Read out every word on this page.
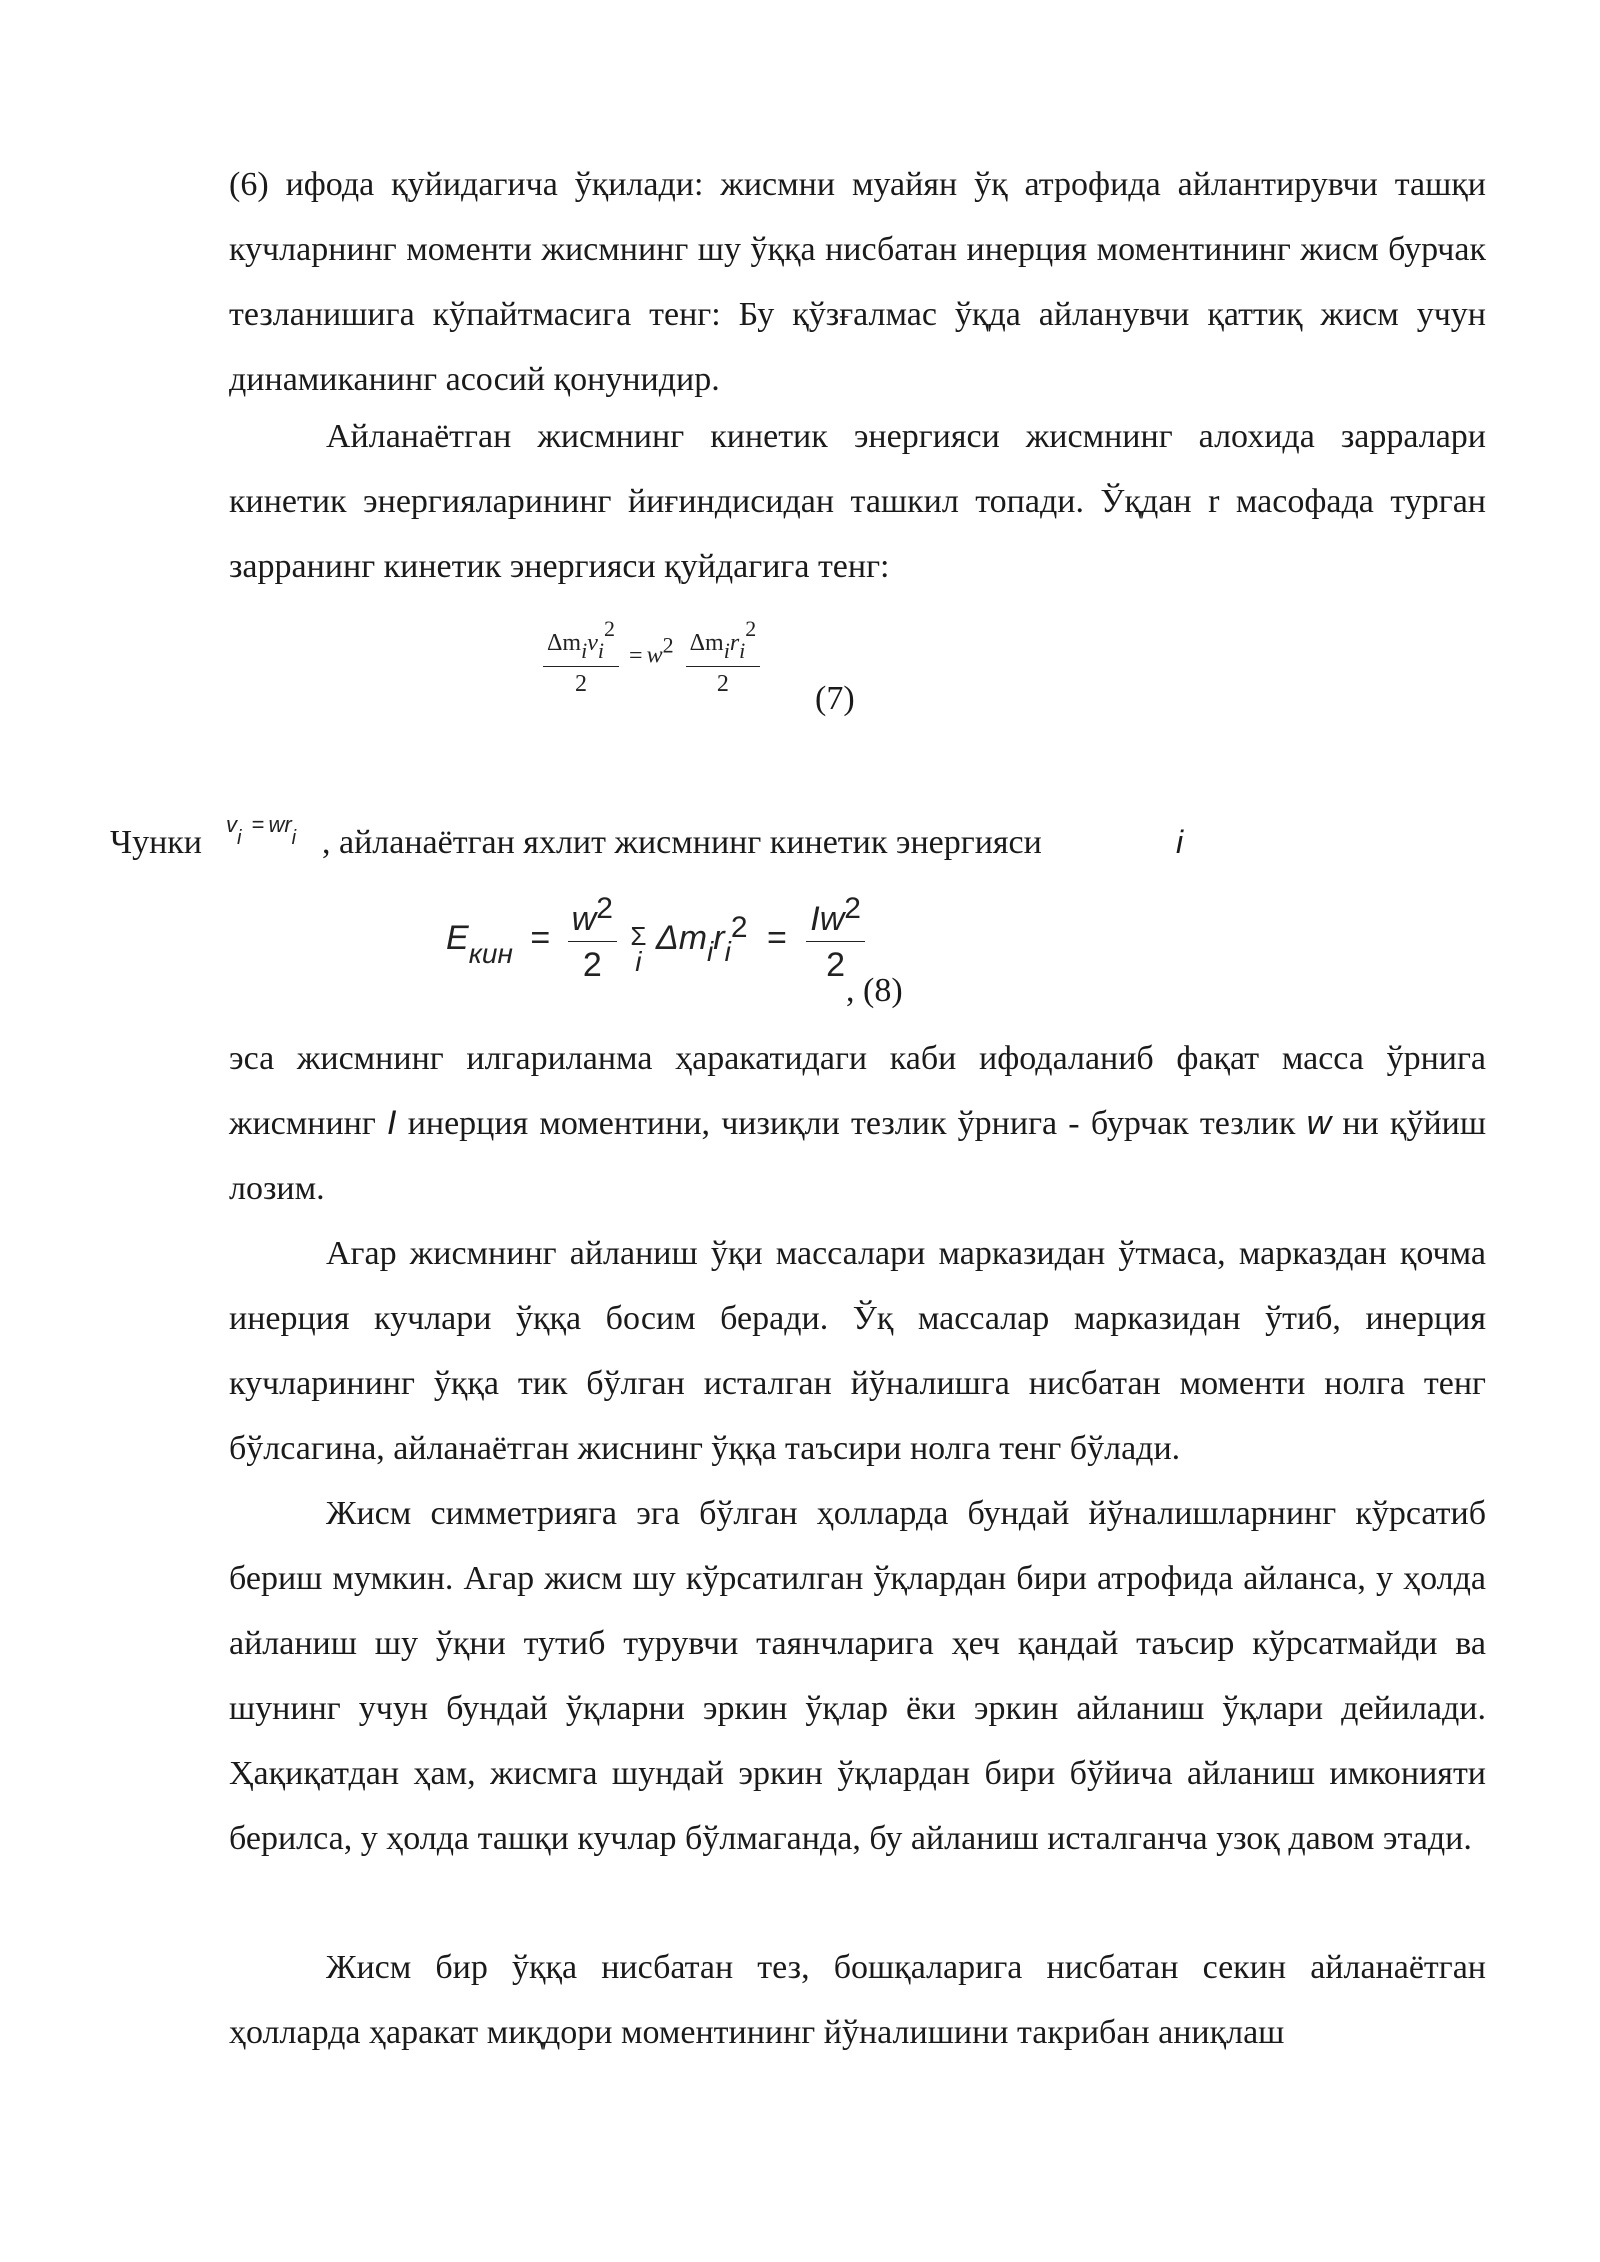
(6) ифода қуйидагича ўқилади: жисмни муайян ўқ атрофида айлантирувчи ташқи кучларнинг моменти жисмнинг шу ўққа нисбатан инерция моментининг жисм бурчак тезланишига кўпайтмасига тенг: Бу қўзғалмас ўқда айланувчи қаттиқ жисм учун динамиканинг асосий қонунидир.

Айланаётган жисмнинг кинетик энергияси жисмнинг алохида зарралари кинетик энергияларининг йиғиндисидан ташкил топади. Ўқдан r масофада турган зарранинг кинетик энергияси қуйдагига тенг:

$\frac{\text{Δmivi2}}{2} = w2 \frac{\text{Δmiri2}}{2}$
(7)
Чунки vi = wri , айланаётган яхлит жисмнинг кинетик энергияси	i
$E_{кин} = \frac{w2}{2}$
Σ
i
$\Delta m_ir_i2 = \frac{Iw2}{2}$
, (8)

эса жисмнинг илгариланма ҳаракатидаги каби ифодаланиб фақат масса ўрнига жисмнинг I инерция моментини, чизиқли тезлик ўрнига - бурчак тезлик w ни қўйиш лозим.

Агар жисмнинг айланиш ўқи массалари марказидан ўтмаса, марказдан қочма инерция кучлари ўққа босим беради. Ўқ массалар марказидан ўтиб, инерция кучларининг ўққа тик бўлган исталган йўналишга нисбатан моменти нолга тенг бўлсагина, айланаётган жиснинг ўққа таъсири нолга тенг бўлади.

Жисм симметрияга эга бўлган ҳолларда бундай йўналишларнинг кўрсатиб бериш мумкин. Агар жисм шу кўрсатилган ўқлардан бири атрофида айланса, у ҳолда айланиш шу ўқни тутиб турувчи таянчларига ҳеч қандай таъсир кўрсатмайди ва шунинг учун бундай ўқларни эркин ўқлар ёки эркин айланиш ўқлари дейилади. Ҳақиқатдан ҳам, жисмга шундай эркин ўқлардан бири бўйича айланиш имконияти берилса, у ҳолда ташқи кучлар бўлмаганда, бу айланиш исталганча узоқ давом этади.

Жисм бир ўққа нисбатан тез, бошқаларига нисбатан секин айланаётган ҳолларда ҳаракат миқдори моментининг йўналишини такрибан аниқлаш
